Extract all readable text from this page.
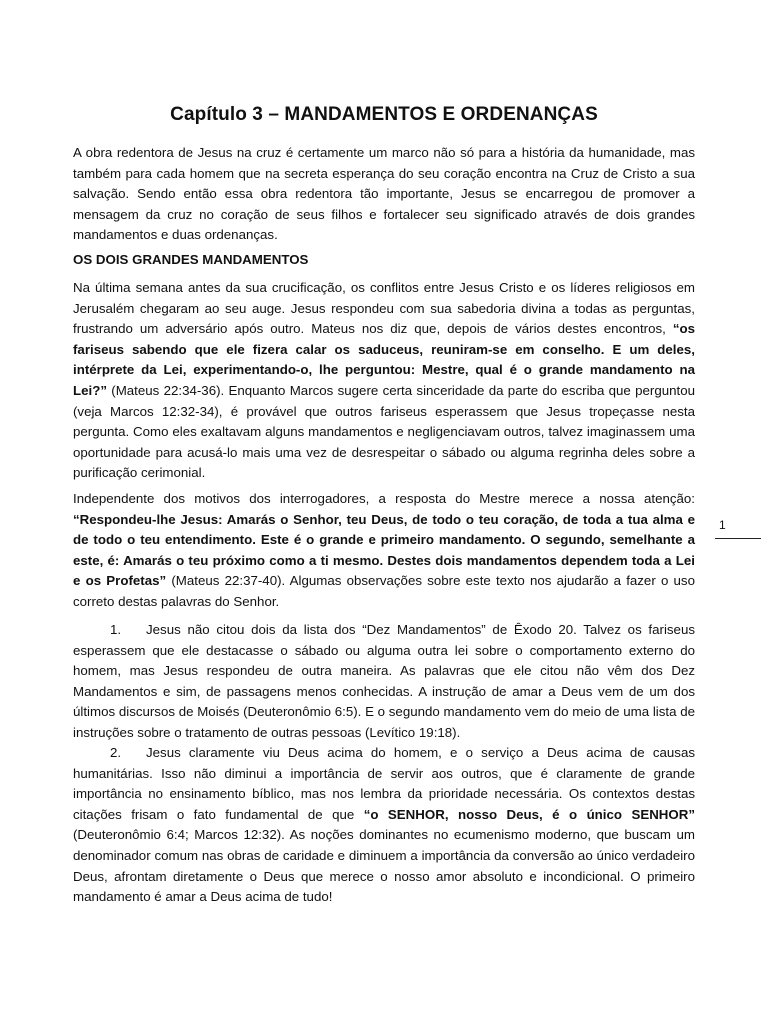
Capítulo 3 – MANDAMENTOS E ORDENANÇAS
A obra redentora de Jesus na cruz é certamente um marco não só para a história da humanidade, mas também para cada homem que na secreta esperança do seu coração encontra na Cruz de Cristo a sua salvação. Sendo então essa obra redentora tão importante, Jesus se encarregou de promover a mensagem da cruz no coração de seus filhos e fortalecer seu significado através de dois grandes mandamentos e duas ordenanças.
OS DOIS GRANDES MANDAMENTOS
Na última semana antes da sua crucificação, os conflitos entre Jesus Cristo e os líderes religiosos em Jerusalém chegaram ao seu auge. Jesus respondeu com sua sabedoria divina a todas as perguntas, frustrando um adversário após outro. Mateus nos diz que, depois de vários destes encontros, “os fariseus sabendo que ele fizera calar os saduceus, reuniram-se em conselho. E um deles, intérprete da Lei, experimentando-o, lhe perguntou: Mestre, qual é o grande mandamento na Lei?” (Mateus 22:34-36). Enquanto Marcos sugere certa sinceridade da parte do escriba que perguntou (veja Marcos 12:32-34), é provável que outros fariseus esperassem que Jesus tropeçasse nesta pergunta. Como eles exaltavam alguns mandamentos e negligenciavam outros, talvez imaginassem uma oportunidade para acusá-lo mais uma vez de desrespeitar o sábado ou alguma regrinha deles sobre a purificação cerimonial.
Independente dos motivos dos interrogadores, a resposta do Mestre merece a nossa atenção: “Respondeu-lhe Jesus: Amarás o Senhor, teu Deus, de todo o teu coração, de toda a tua alma e de todo o teu entendimento. Este é o grande e primeiro mandamento. O segundo, semelhante a este, é: Amarás o teu próximo como a ti mesmo. Destes dois mandamentos dependem toda a Lei e os Profetas” (Mateus 22:37-40). Algumas observações sobre este texto nos ajudarão a fazer o uso correto destas palavras do Senhor.
1. Jesus não citou dois da lista dos “Dez Mandamentos” de Êxodo 20. Talvez os fariseus esperassem que ele destacasse o sábado ou alguma outra lei sobre o comportamento externo do homem, mas Jesus respondeu de outra maneira. As palavras que ele citou não vêm dos Dez Mandamentos e sim, de passagens menos conhecidas. A instrução de amar a Deus vem de um dos últimos discursos de Moisés (Deuteronômio 6:5). E o segundo mandamento vem do meio de uma lista de instruções sobre o tratamento de outras pessoas (Levítico 19:18).
2. Jesus claramente viu Deus acima do homem, e o serviço a Deus acima de causas humanitárias. Isso não diminui a importância de servir aos outros, que é claramente de grande importância no ensinamento bíblico, mas nos lembra da prioridade necessária. Os contextos destas citações frisam o fato fundamental de que “o SENHOR, nosso Deus, é o único SENHOR” (Deuteronômio 6:4; Marcos 12:32). As noções dominantes no ecumenismo moderno, que buscam um denominador comum nas obras de caridade e diminuem a importância da conversão ao único verdadeiro Deus, afrontam diretamente o Deus que merece o nosso amor absoluto e incondicional. O primeiro mandamento é amar a Deus acima de tudo!
1
